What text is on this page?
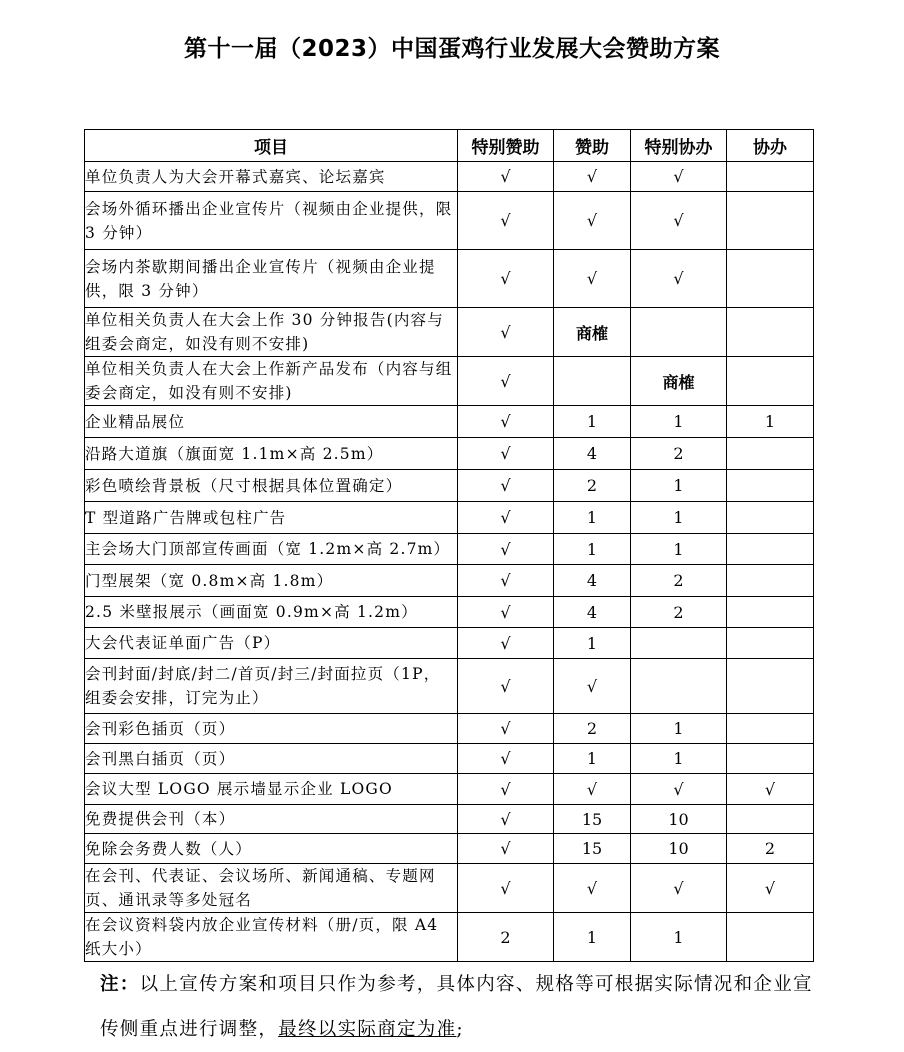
第十一届（2023）中国蛋鸡行业发展大会赞助方案
项目	特别赞助	赞助	特别协办	协办
单位负责人为大会开幕式嘉宾、论坛嘉宾	√	√	√	
会场外循环播出企业宣传片（视频由企业提供，限 3 分钟）	√	√	√	
会场内茶歇期间播出企业宣传片（视频由企业提供，限 3 分钟）	√	√	√	
单位相关负责人在大会上作 30 分钟报告(内容与组委会商定，如没有则不安排)	√	商榷		
单位相关负责人在大会上作新产品发布（内容与组委会商定，如没有则不安排)	√		商榷	
企业精品展位	√	1	1	1
沿路大道旗（旗面宽 1.1m×高 2.5m）	√	4	2	
彩色喷绘背景板（尺寸根据具体位置确定）	√	2	1	
T 型道路广告牌或包柱广告	√	1	1	
主会场大门顶部宣传画面（宽 1.2m×高 2.7m）	√	1	1	
门型展架（宽 0.8m×高 1.8m）	√	4	2	
2.5 米壁报展示（画面宽 0.9m×高 1.2m）	√	4	2	
大会代表证单面广告（P）	√	1		
会刊封面/封底/封二/首页/封三/封面拉页（1P，组委会安排，订完为止）	√	√		
会刊彩色插页（页）	√	2	1	
会刊黑白插页（页）	√	1	1	
会议大型 LOGO 展示墙显示企业 LOGO	√	√	√	√
免费提供会刊（本）	√	15	10	
免除会务费人数（人）	√	15	10	2
在会刊、代表证、会议场所、新闻通稿、专题网页、通讯录等多处冠名	√	√	√	√
在会议资料袋内放企业宣传材料（册/页，限 A4 纸大小）	2	1	1	
注：以上宣传方案和项目只作为参考，具体内容、规格等可根据实际情况和企业宣传侧重点进行调整，最终以实际商定为准;
